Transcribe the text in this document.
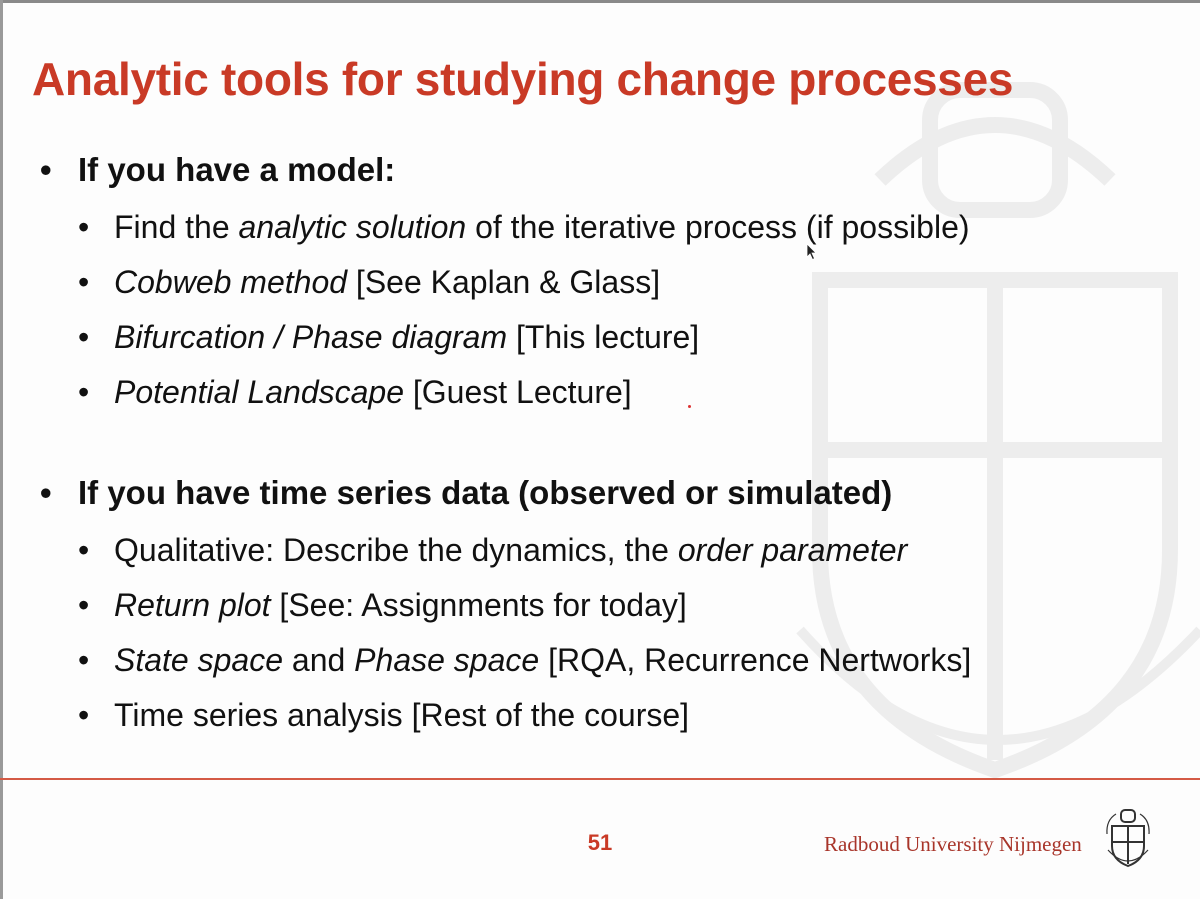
Analytic tools for studying change processes
• If you have a model:
• Find the analytic solution of the iterative process (if possible)
• Cobweb method [See Kaplan & Glass]
• Bifurcation / Phase diagram [This lecture]
• Potential Landscape [Guest Lecture]
• If you have time series data (observed or simulated)
• Qualitative: Describe the dynamics, the order parameter
• Return plot [See: Assignments for today]
• State space and Phase space [RQA, Recurrence Nertworks]
• Time series analysis [Rest of the course]
51	Radboud University Nijmegen
